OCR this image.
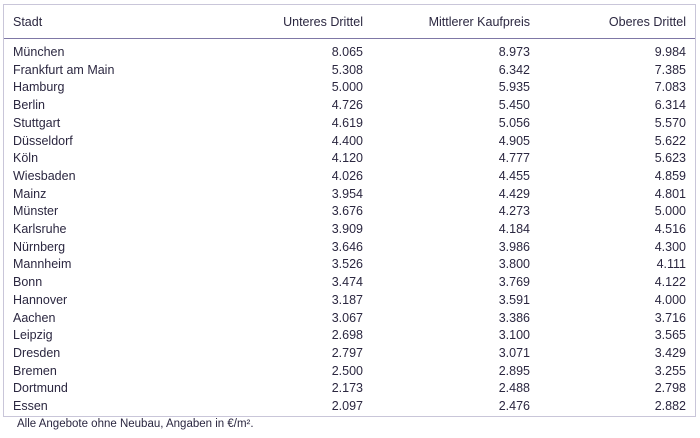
Stadt	Unteres Drittel	Mittlerer Kaufpreis	Oberes Drittel

München	8.065	8.973	9.984
Frankfurt am Main	5.308	6.342	7.385
Hamburg	5.000	5.935	7.083
Berlin	4.726	5.450	6.314
Stuttgart	4.619	5.056	5.570
Düsseldorf	4.400	4.905	5.622
Köln	4.120	4.777	5.623
Wiesbaden	4.026	4.455	4.859
Mainz	3.954	4.429	4.801
Münster	3.676	4.273	5.000
Karlsruhe	3.909	4.184	4.516
Nürnberg	3.646	3.986	4.300
Mannheim	3.526	3.800	4.111
Bonn	3.474	3.769	4.122
Hannover	3.187	3.591	4.000
Aachen	3.067	3.386	3.716
Leipzig	2.698	3.100	3.565
Dresden	2.797	3.071	3.429
Bremen	2.500	2.895	3.255
Dortmund	2.173	2.488	2.798
Essen	2.097	2.476	2.882
Alle Angebote ohne Neubau, Angaben in €/m².
